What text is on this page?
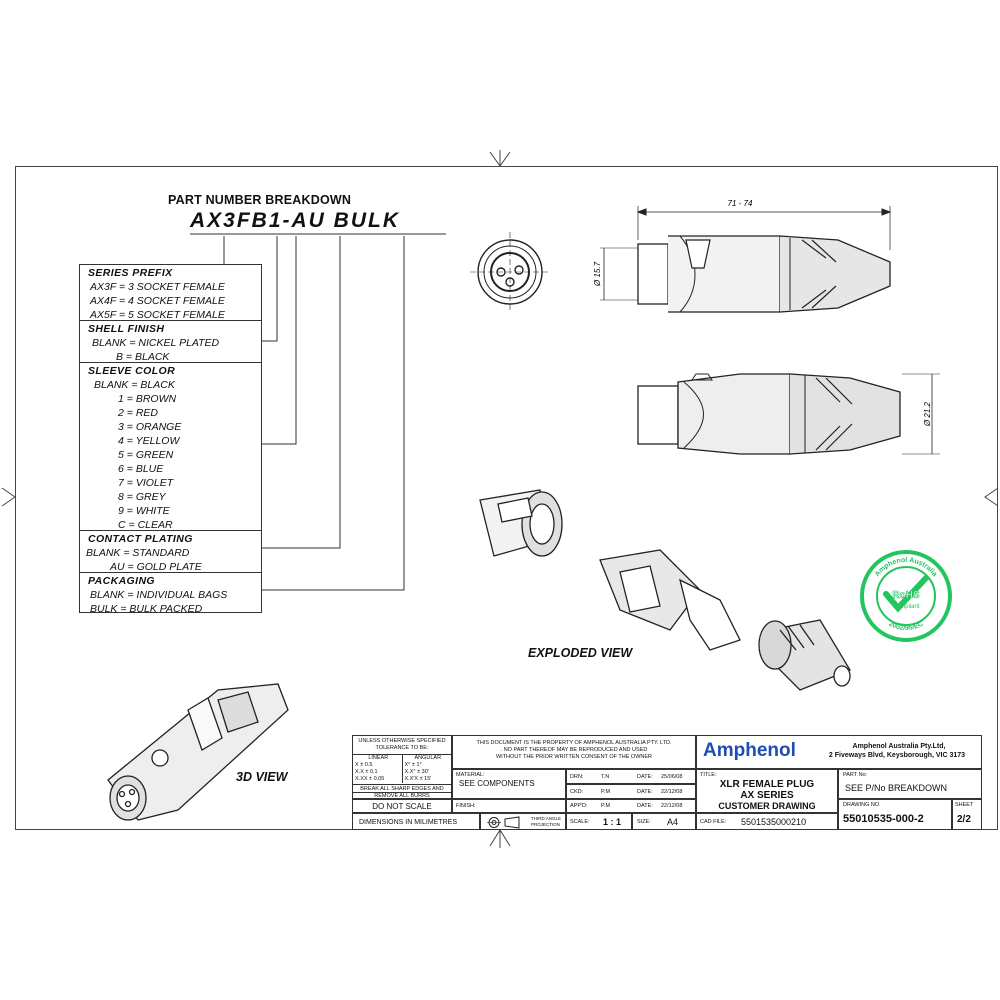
PART NUMBER BREAKDOWN
AX3FB1-AU BULK
SERIES PREFIX
AX3F = 3 SOCKET FEMALE
AX4F = 4 SOCKET FEMALE
AX5F = 5 SOCKET FEMALE
SHELL FINISH
BLANK = NICKEL PLATED
B = BLACK
SLEEVE COLOR
BLANK = BLACK
1 = BROWN
2 = RED
3 = ORANGE
4 = YELLOW
5 = GREEN
6 = BLUE
7 = VIOLET
8 = GREY
9 = WHITE
C = CLEAR
CONTACT PLATING
BLANK = STANDARD
AU = GOLD PLATE
PACKAGING
BLANK = INDIVIDUAL BAGS
BULK = BULK PACKED
71 - 74
Ø 15.7
Ø 21.2
EXPLODED VIEW
3D VIEW
Amphenol Australia
2002/95/EC
RoHS
Compliant
UNLESS OTHERWISE SPECIFIED TOLERANCE TO BE:
LINEAR
X ± 0.5
X.X ± 0.1
X.XX ± 0.05
ANGULAR
X° ± 1°
X.X° ± 30'
X.X'X ± 15'
BREAK ALL SHARP EDGES AND REMOVE ALL BURRS
DO NOT SCALE
DIMENSIONS IN MILIMETRES
THIRD ANGLE PROJECTION
THIS DOCUMENT IS THE PROPERTY OF AMPHENOL AUSTRALIA PTY. LTD.
. NO PART THEREOF MAY BE REPRODUCED AND USED
WITHOUT THE PRIOR WRITTEN CONSENT OF THE OWNER
MATERIAL:
SEE COMPONENTS
FINISH:
DRN:	T.N	DATE: 25/06/08
CKD:	P.M	DATE: 22/12/08
APP'D: P.M	DATE: 22/12/08
SCALE: 1 : 1	SIZE: A4
Amphenol	Amphenol Australia Pty.Ltd,
2 Fiveways Blvd, Keysborough, VIC 3173
TITLE:
XLR FEMALE PLUG
AX SERIES
CUSTOMER DRAWING
CAD FILE: 5501535000210
PART No:
SEE P/No BREAKDOWN
DRAWING NO.
55010535-000-2
SHEET
2/2
